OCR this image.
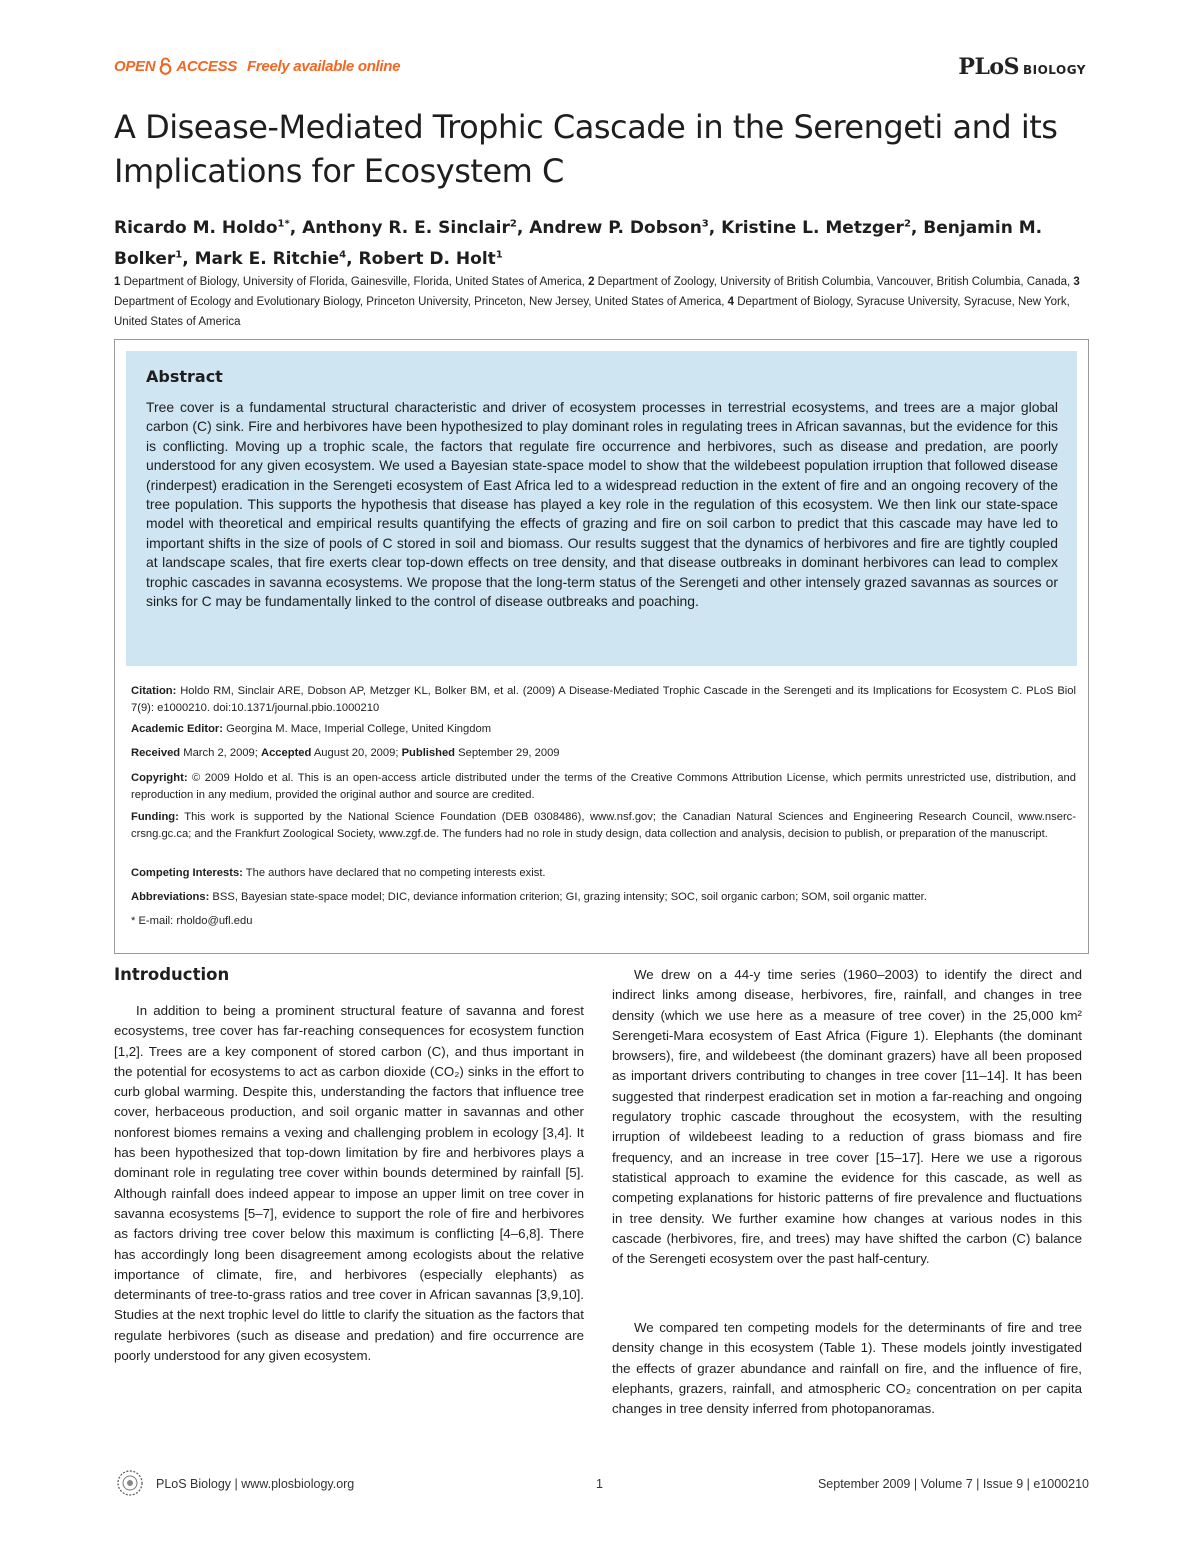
OPEN ACCESS Freely available online	PLoS BIOLOGY
A Disease-Mediated Trophic Cascade in the Serengeti and its Implications for Ecosystem C
Ricardo M. Holdo$^{1*}$, Anthony R. E. Sinclair$^2$, Andrew P. Dobson$^3$, Kristine L. Metzger$^2$, Benjamin M. Bolker$^1$, Mark E. Ritchie$^4$, Robert D. Holt$^1$
1 Department of Biology, University of Florida, Gainesville, Florida, United States of America, 2 Department of Zoology, University of British Columbia, Vancouver, British Columbia, Canada, 3 Department of Ecology and Evolutionary Biology, Princeton University, Princeton, New Jersey, United States of America, 4 Department of Biology, Syracuse University, Syracuse, New York, United States of America
Abstract

Tree cover is a fundamental structural characteristic and driver of ecosystem processes in terrestrial ecosystems, and trees are a major global carbon (C) sink. Fire and herbivores have been hypothesized to play dominant roles in regulating trees in African savannas, but the evidence for this is conflicting. Moving up a trophic scale, the factors that regulate fire occurrence and herbivores, such as disease and predation, are poorly understood for any given ecosystem. We used a Bayesian state-space model to show that the wildebeest population irruption that followed disease (rinderpest) eradication in the Serengeti ecosystem of East Africa led to a widespread reduction in the extent of fire and an ongoing recovery of the tree population. This supports the hypothesis that disease has played a key role in the regulation of this ecosystem. We then link our state-space model with theoretical and empirical results quantifying the effects of grazing and fire on soil carbon to predict that this cascade may have led to important shifts in the size of pools of C stored in soil and biomass. Our results suggest that the dynamics of herbivores and fire are tightly coupled at landscape scales, that fire exerts clear top-down effects on tree density, and that disease outbreaks in dominant herbivores can lead to complex trophic cascades in savanna ecosystems. We propose that the long-term status of the Serengeti and other intensely grazed savannas as sources or sinks for C may be fundamentally linked to the control of disease outbreaks and poaching.

Citation: Holdo RM, Sinclair ARE, Dobson AP, Metzger KL, Bolker BM, et al. (2009) A Disease-Mediated Trophic Cascade in the Serengeti and its Implications for Ecosystem C. PLoS Biol 7(9): e1000210. doi:10.1371/journal.pbio.1000210

Academic Editor: Georgina M. Mace, Imperial College, United Kingdom

Received March 2, 2009; Accepted August 20, 2009; Published September 29, 2009

Copyright: © 2009 Holdo et al. This is an open-access article distributed under the terms of the Creative Commons Attribution License, which permits unrestricted use, distribution, and reproduction in any medium, provided the original author and source are credited.

Funding: This work is supported by the National Science Foundation (DEB 0308486), www.nsf.gov; the Canadian Natural Sciences and Engineering Research Council, www.nserc-crsng.gc.ca; and the Frankfurt Zoological Society, www.zgf.de. The funders had no role in study design, data collection and analysis, decision to publish, or preparation of the manuscript.

Competing Interests: The authors have declared that no competing interests exist.

Abbreviations: BSS, Bayesian state-space model; DIC, deviance information criterion; GI, grazing intensity; SOC, soil organic carbon; SOM, soil organic matter.

* E-mail: rholdo@ufl.edu

Introduction

In addition to being a prominent structural feature of savanna and forest ecosystems, tree cover has far-reaching consequences for ecosystem function [1,2]. Trees are a key component of stored carbon (C), and thus important in the potential for ecosystems to act as carbon dioxide (CO₂) sinks in the effort to curb global warming. Despite this, understanding the factors that influence tree cover, herbaceous production, and soil organic matter in savannas and other nonforest biomes remains a vexing and challenging problem in ecology [3,4]. It has been hypothesized that top-down limitation by fire and herbivores plays a dominant role in regulating tree cover within bounds determined by rainfall [5]. Although rainfall does indeed appear to impose an upper limit on tree cover in savanna ecosystems [5–7], evidence to support the role of fire and herbivores as factors driving tree cover below this maximum is conflicting [4–6,8]. There has accordingly long been disagreement among ecologists about the relative importance of climate, fire, and herbivores (especially elephants) as determinants of tree-to-grass ratios and tree cover in African savannas [3,9,10]. Studies at the next trophic level do little to clarify the situation as the factors that regulate herbivores (such as disease and predation) and fire occurrence are poorly understood for any given ecosystem.

We drew on a 44-y time series (1960–2003) to identify the direct and indirect links among disease, herbivores, fire, rainfall, and changes in tree density (which we use here as a measure of tree cover) in the 25,000 km² Serengeti-Mara ecosystem of East Africa (Figure 1). Elephants (the dominant browsers), fire, and wildebeest (the dominant grazers) have all been proposed as important drivers contributing to changes in tree cover [11–14]. It has been suggested that rinderpest eradication set in motion a far-reaching and ongoing regulatory trophic cascade throughout the ecosystem, with the resulting irruption of wildebeest leading to a reduction of grass biomass and fire frequency, and an increase in tree cover [15–17]. Here we use a rigorous statistical approach to examine the evidence for this cascade, as well as competing explanations for historic patterns of fire prevalence and fluctuations in tree density. We further examine how changes at various nodes in this cascade (herbivores, fire, and trees) may have shifted the carbon (C) balance of the Serengeti ecosystem over the past half-century.

We compared ten competing models for the determinants of fire and tree density change in this ecosystem (Table 1). These models jointly investigated the effects of grazer abundance and rainfall on fire, and the influence of fire, elephants, grazers, rainfall, and atmospheric CO₂ concentration on per capita changes in tree density inferred from photopanoramas.

PLoS Biology | www.plosbiology.org	1	September 2009 | Volume 7 | Issue 9 | e1000210
